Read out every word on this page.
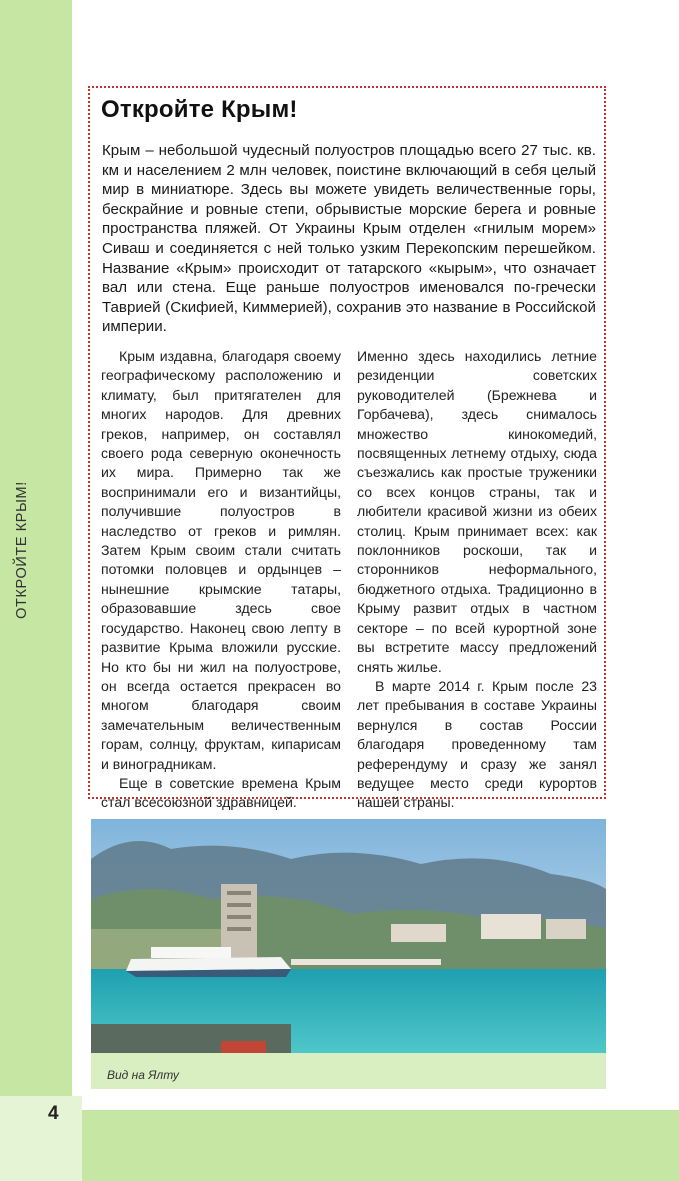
ОТКРОЙТЕ КРЫМ!
4
Откройте Крым!

Крым – небольшой чудесный полуостров площадью всего 27 тыс. кв. км и населением 2 млн человек, поистине включающий в себя целый мир в миниатюре. Здесь вы можете увидеть величественные горы, бескрайние и ровные степи, обрывистые морские берега и ровные пространства пляжей. От Украины Крым отделен «гнилым морем» Сиваш и соединяется с ней только узким Перекопским перешейком. Название «Крым» происходит от татарского «кырым», что означает вал или стена. Еще раньше полуостров именовался по-гречески Таврией (Скифией, Киммерией), сохранив это название в Российской империи.

Крым издавна, благодаря своему географическому расположению и климату, был притягателен для многих народов. Для древних греков, например, он составлял своего рода северную оконечность их мира. Примерно так же воспринимали его и византийцы, получившие полуостров в наследство от греков и римлян. Затем Крым своим стали считать потомки половцев и ордынцев – нынешние крымские татары, образовавшие здесь свое государство. Наконец свою лепту в развитие Крыма вложили русские. Но кто бы ни жил на полуострове, он всегда остается прекрасен во многом благодаря своим замечательным величественным горам, солнцу, фруктам, кипарисам и виноградникам.

Еще в советские времена Крым стал всесоюзной здравницей.

Именно здесь находились летние резиденции советских руководителей (Брежнева и Горбачева), здесь снималось множество кинокомедий, посвященных летнему отдыху, сюда съезжались как простые труженики со всех концов страны, так и любители красивой жизни из обеих столиц. Крым принимает всех: как поклонников роскоши, так и сторонников неформального, бюджетного отдыха. Традиционно в Крыму развит отдых в частном секторе – по всей курортной зоне вы встретите массу предложений снять жилье.

В марте 2014 г. Крым после 23 лет пребывания в составе Украины вернулся в состав России благодаря проведенному там референдуму и сразу же занял ведущее место среди курортов нашей страны.

Вид на Ялту
